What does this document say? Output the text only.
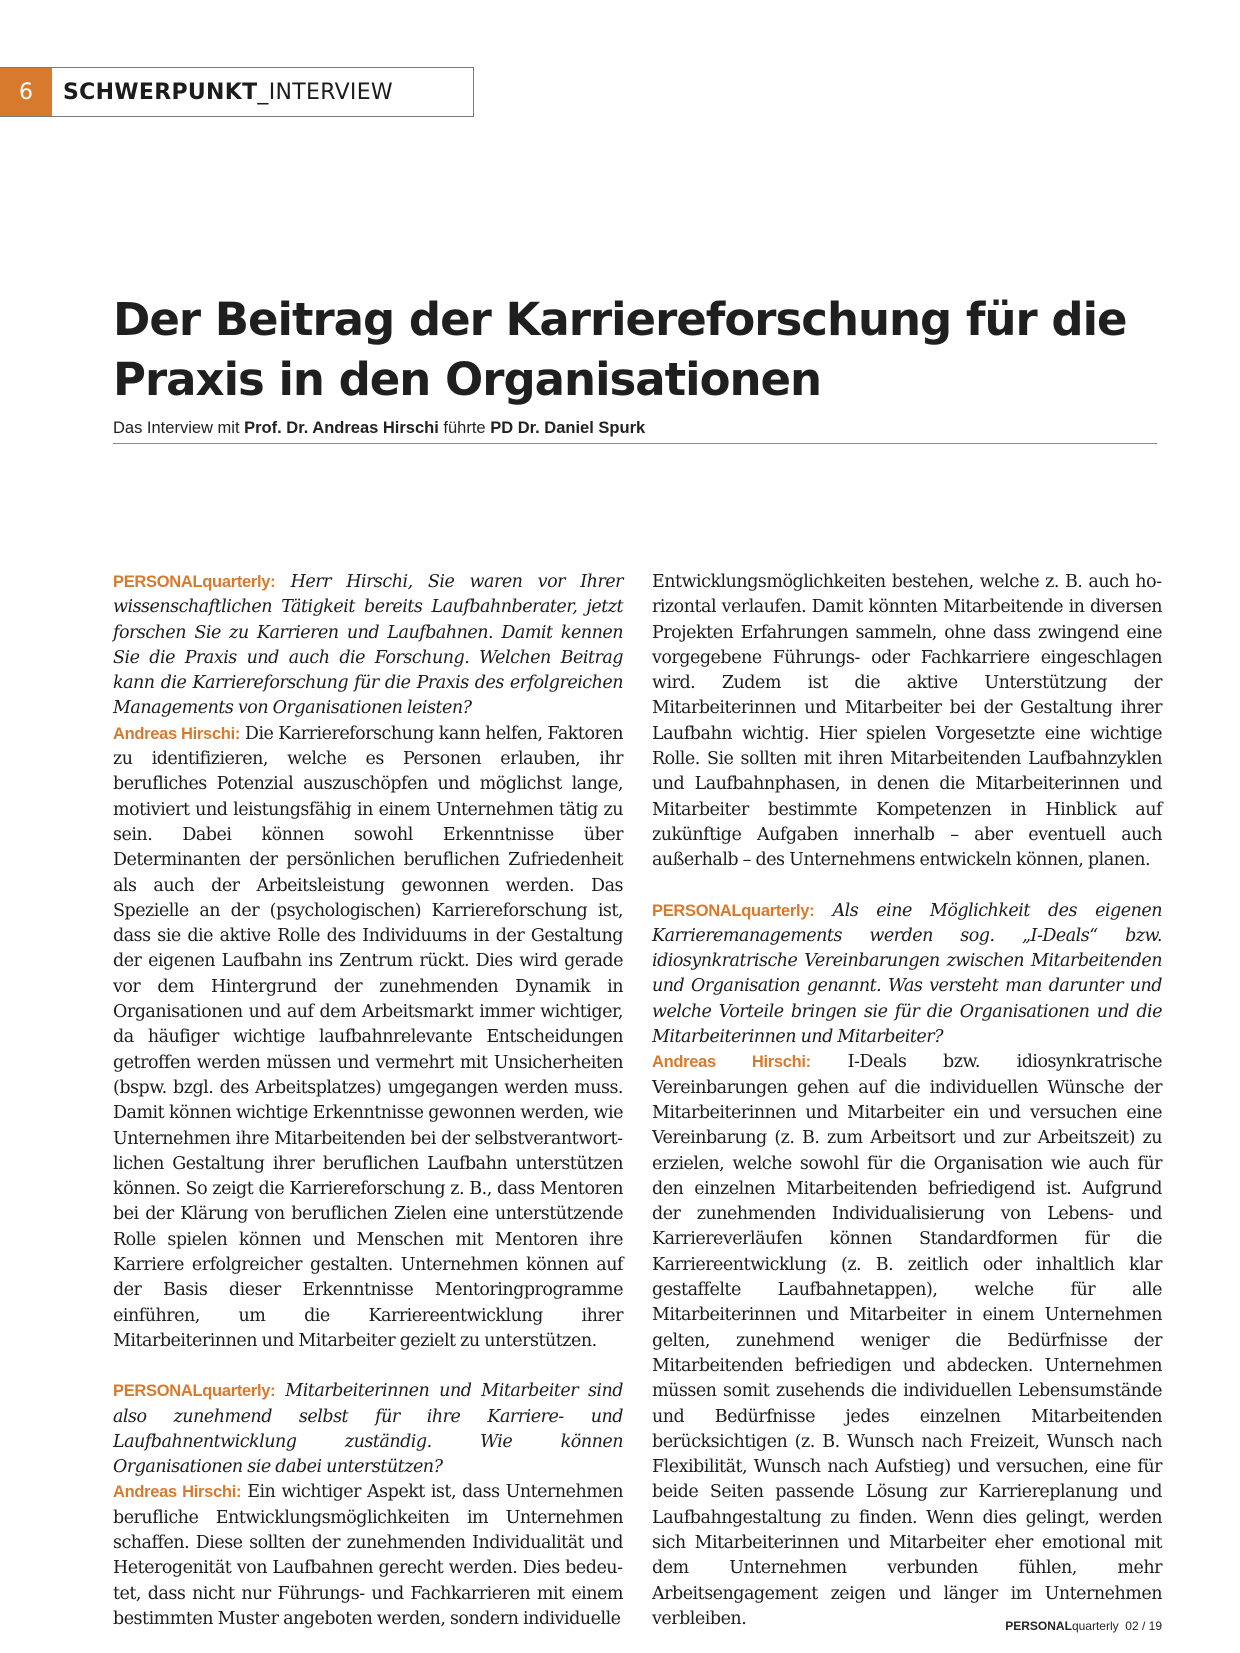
6	SCHWERPUNKT _INTERVIEW
Der Beitrag der Karriereforschung für die
Praxis in den Organisationen
Das Interview mit Prof. Dr. Andreas Hirschi führte PD Dr. Daniel Spurk

PERSONALquarterly: Herr Hirschi, Sie waren vor Ihrer wissenschaftlichen Tätigkeit bereits Laufbahnberater, jetzt forschen Sie zu Karrieren und Laufbahnen. Damit kennen Sie die Praxis und auch die Forschung. Welchen Beitrag kann die Karriereforschung für die Praxis des erfolgreichen Managements von Organisationen leisten?

Andreas Hirschi: Die Karriereforschung kann helfen, Faktoren zu identifizieren, welche es Personen erlauben, ihr berufliches Potenzial auszuschöpfen und möglichst lange, motiviert und leistungsfähig in einem Unternehmen tätig zu sein. Dabei können sowohl Erkenntnisse über Determinanten der persönlichen beruflichen Zufriedenheit als auch der Arbeitsleistung gewonnen werden. Das Spezielle an der (psychologischen) Karriereforschung ist, dass sie die aktive Rolle des Individuums in der Gestaltung der eigenen Laufbahn ins Zentrum rückt. Dies wird gerade vor dem Hintergrund der zunehmenden Dynamik in Organisationen und auf dem Arbeitsmarkt immer wichtiger, da häufiger wichtige laufbahnrelevante Entscheidungen getroffen werden müssen und vermehrt mit Unsicherheiten (bspw. bzgl. des Arbeitsplatzes) umgegangen werden muss. Damit können wichtige Erkenntnisse gewonnen werden, wie Unternehmen ihre Mitarbeitenden bei der selbstverantwortlichen Gestaltung ihrer beruflichen Laufbahn unterstützen können. So zeigt die Karriereforschung z. B., dass Mentoren bei der Klärung von beruflichen Zielen eine unterstützende Rolle spielen können und Menschen mit Mentoren ihre Karriere erfolgreicher gestalten. Unternehmen können auf der Basis dieser Erkenntnisse Mentoringprogramme einführen, um die Karriereentwicklung ihrer Mitarbeiterinnen und Mitarbeiter gezielt zu unterstützen.

PERSONALquarterly: Mitarbeiterinnen und Mitarbeiter sind also zunehmend selbst für ihre Karriere- und Laufbahnentwicklung zuständig. Wie können Organisationen sie dabei unterstützen?

Andreas Hirschi: Ein wichtiger Aspekt ist, dass Unternehmen berufliche Entwicklungsmöglichkeiten im Unternehmen schaffen. Diese sollten der zunehmenden Individualität und Heterogenität von Laufbahnen gerecht werden. Dies bedeutet, dass nicht nur Führungs- und Fachkarrieren mit einem bestimmten Muster angeboten werden, sondern individuelle

Entwicklungsmöglichkeiten bestehen, welche z. B. auch horizontal verlaufen. Damit könnten Mitarbeitende in diversen Projekten Erfahrungen sammeln, ohne dass zwingend eine vorgegebene Führungs- oder Fachkarriere eingeschlagen wird. Zudem ist die aktive Unterstützung der Mitarbeiterinnen und Mitarbeiter bei der Gestaltung ihrer Laufbahn wichtig. Hier spielen Vorgesetzte eine wichtige Rolle. Sie sollten mit ihren Mitarbeitenden Laufbahnzyklen und Laufbahnphasen, in denen die Mitarbeiterinnen und Mitarbeiter bestimmte Kompetenzen in Hinblick auf zukünftige Aufgaben innerhalb – aber eventuell auch außerhalb – des Unternehmens entwickeln können, planen.

PERSONALquarterly: Als eine Möglichkeit des eigenen Karrieremanagements werden sog. „I-Deals“ bzw. idiosynkratrische Vereinbarungen zwischen Mitarbeitenden und Organisation genannt. Was versteht man darunter und welche Vorteile bringen sie für die Organisationen und die Mitarbeiterinnen und Mitarbeiter?

Andreas Hirschi: I-Deals bzw. idiosynkratrische Vereinbarungen gehen auf die individuellen Wünsche der Mitarbeiterinnen und Mitarbeiter ein und versuchen eine Vereinbarung (z. B. zum Arbeitsort und zur Arbeitszeit) zu erzielen, welche sowohl für die Organisation wie auch für den einzelnen Mitarbeitenden befriedigend ist. Aufgrund der zunehmenden Individualisierung von Lebens- und Karriereverläufen können Standardformen für die Karriereentwicklung (z. B. zeitlich oder inhaltlich klar gestaffelte Laufbahnetappen), welche für alle Mitarbeiterinnen und Mitarbeiter in einem Unternehmen gelten, zunehmend weniger die Bedürfnisse der Mitarbeitenden befriedigen und abdecken. Unternehmen müssen somit zusehends die individuellen Lebensumstände und Bedürfnisse jedes einzelnen Mitarbeitenden berücksichtigen (z. B. Wunsch nach Freizeit, Wunsch nach Flexibilität, Wunsch nach Aufstieg) und versuchen, eine für beide Seiten passende Lösung zur Karriereplanung und Laufbahngestaltung zu finden. Wenn dies gelingt, werden sich Mitarbeiterinnen und Mitarbeiter eher emotional mit dem Unternehmen verbunden fühlen, mehr Arbeitsengagement zeigen und länger im Unternehmen verbleiben.	PERSONALquarterly 02 / 19
